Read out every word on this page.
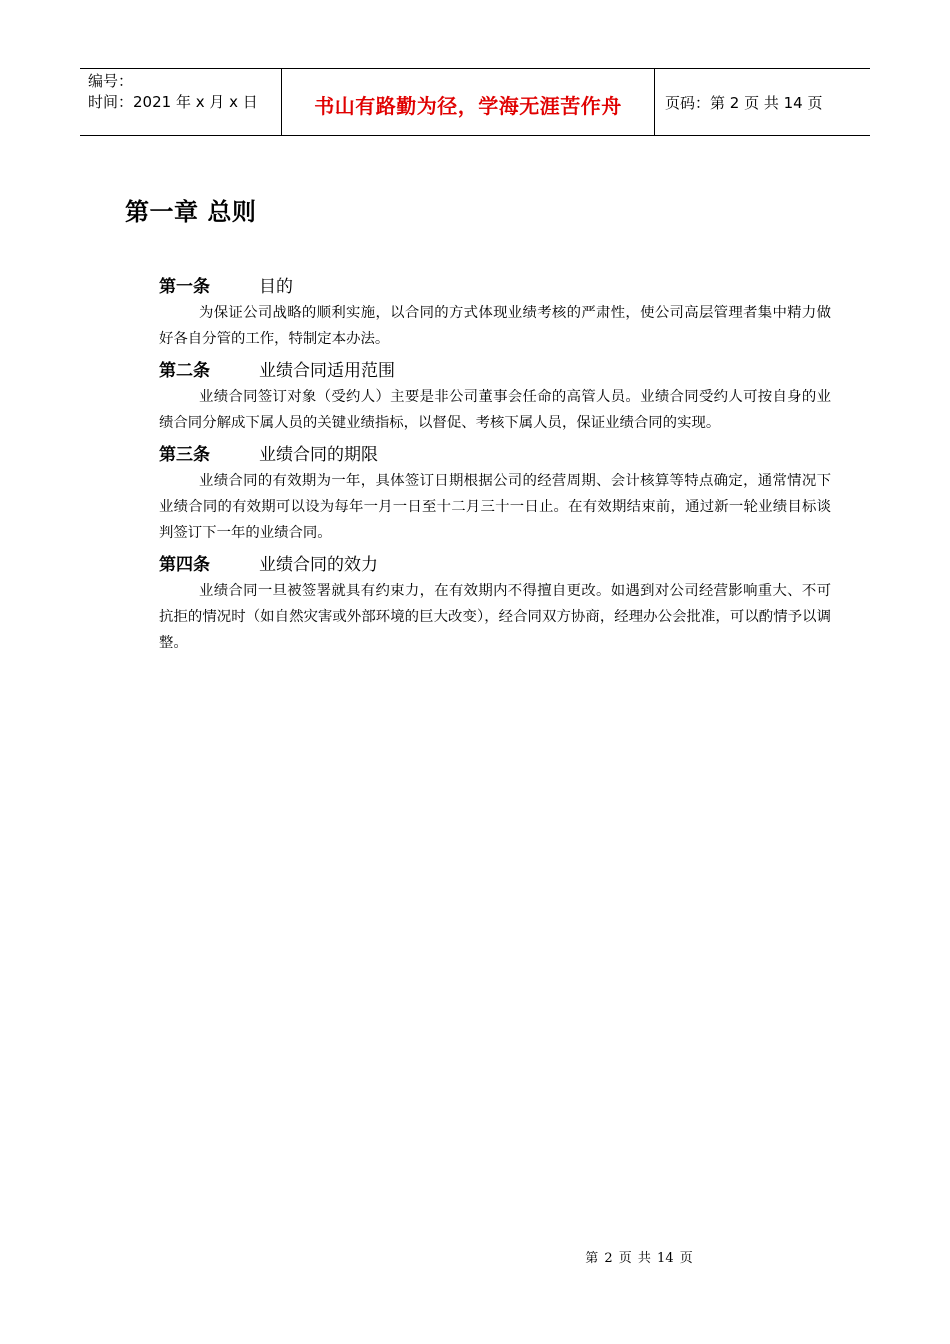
编号：
时间：2021 年 x 月 x 日	书山有路勤为径，学海无涯苦作舟	页码：第 2 页 共 14 页
第一章 总则
第一条	目的

为保证公司战略的顺利实施，以合同的方式体现业绩考核的严肃性，使公司高层管理者集中精力做好各自分管的工作，特制定本办法。

第二条	业绩合同适用范围

业绩合同签订对象（受约人）主要是非公司董事会任命的高管人员。业绩合同受约人可按自身的业绩合同分解成下属人员的关键业绩指标，以督促、考核下属人员，保证业绩合同的实现。

第三条	业绩合同的期限

业绩合同的有效期为一年，具体签订日期根据公司的经营周期、会计核算等特点确定，通常情况下业绩合同的有效期可以设为每年一月一日至十二月三十一日止。在有效期结束前，通过新一轮业绩目标谈判签订下一年的业绩合同。

第四条	业绩合同的效力

业绩合同一旦被签署就具有约束力，在有效期内不得擅自更改。如遇到对公司经营影响重大、不可抗拒的情况时（如自然灾害或外部环境的巨大改变），经合同双方协商，经理办公会批准，可以酌情予以调整。

第 2 页 共 14 页
